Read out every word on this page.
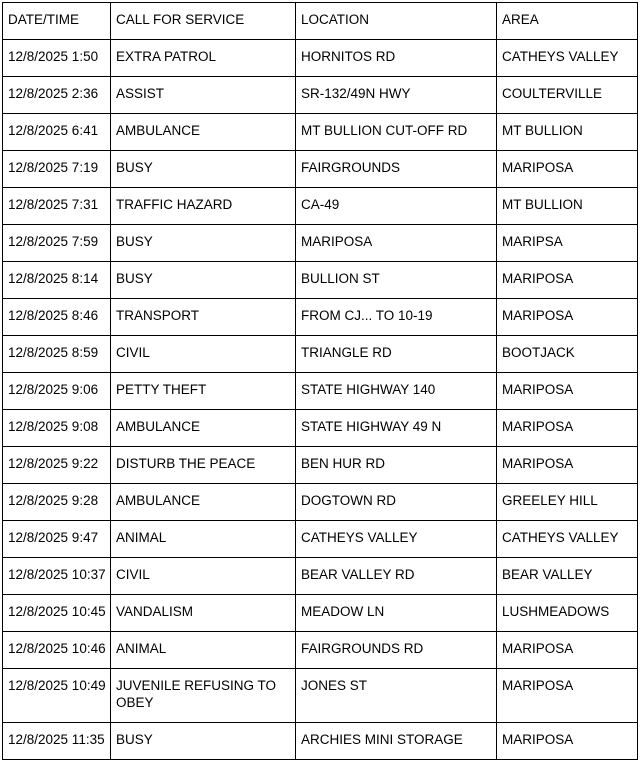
DATE/TIME	CALL FOR SERVICE	LOCATION	AREA
12/8/2025 1:50	EXTRA PATROL	HORNITOS RD	CATHEYS VALLEY
12/8/2025 2:36	ASSIST	SR-132/49N HWY	COULTERVILLE
12/8/2025 6:41	AMBULANCE	MT BULLION CUT-OFF RD	MT BULLION
12/8/2025 7:19	BUSY	FAIRGROUNDS	MARIPOSA
12/8/2025 7:31	TRAFFIC HAZARD	CA-49	MT BULLION
12/8/2025 7:59	BUSY	MARIPOSA	MARIPSA
12/8/2025 8:14	BUSY	BULLION ST	MARIPOSA
12/8/2025 8:46	TRANSPORT	FROM CJ... TO 10-19	MARIPOSA
12/8/2025 8:59	CIVIL	TRIANGLE RD	BOOTJACK
12/8/2025 9:06	PETTY THEFT	STATE HIGHWAY 140	MARIPOSA
12/8/2025 9:08	AMBULANCE	STATE HIGHWAY 49 N	MARIPOSA
12/8/2025 9:22	DISTURB THE PEACE	BEN HUR RD	MARIPOSA
12/8/2025 9:28	AMBULANCE	DOGTOWN RD	GREELEY HILL
12/8/2025 9:47	ANIMAL	CATHEYS VALLEY	CATHEYS VALLEY
12/8/2025 10:37	CIVIL	BEAR VALLEY RD	BEAR VALLEY
12/8/2025 10:45	VANDALISM	MEADOW LN	LUSHMEADOWS
12/8/2025 10:46	ANIMAL	FAIRGROUNDS RD	MARIPOSA
12/8/2025 10:49	JUVENILE REFUSING TO OBEY	JONES ST	MARIPOSA
12/8/2025 11:35	BUSY	ARCHIES MINI STORAGE	MARIPOSA
